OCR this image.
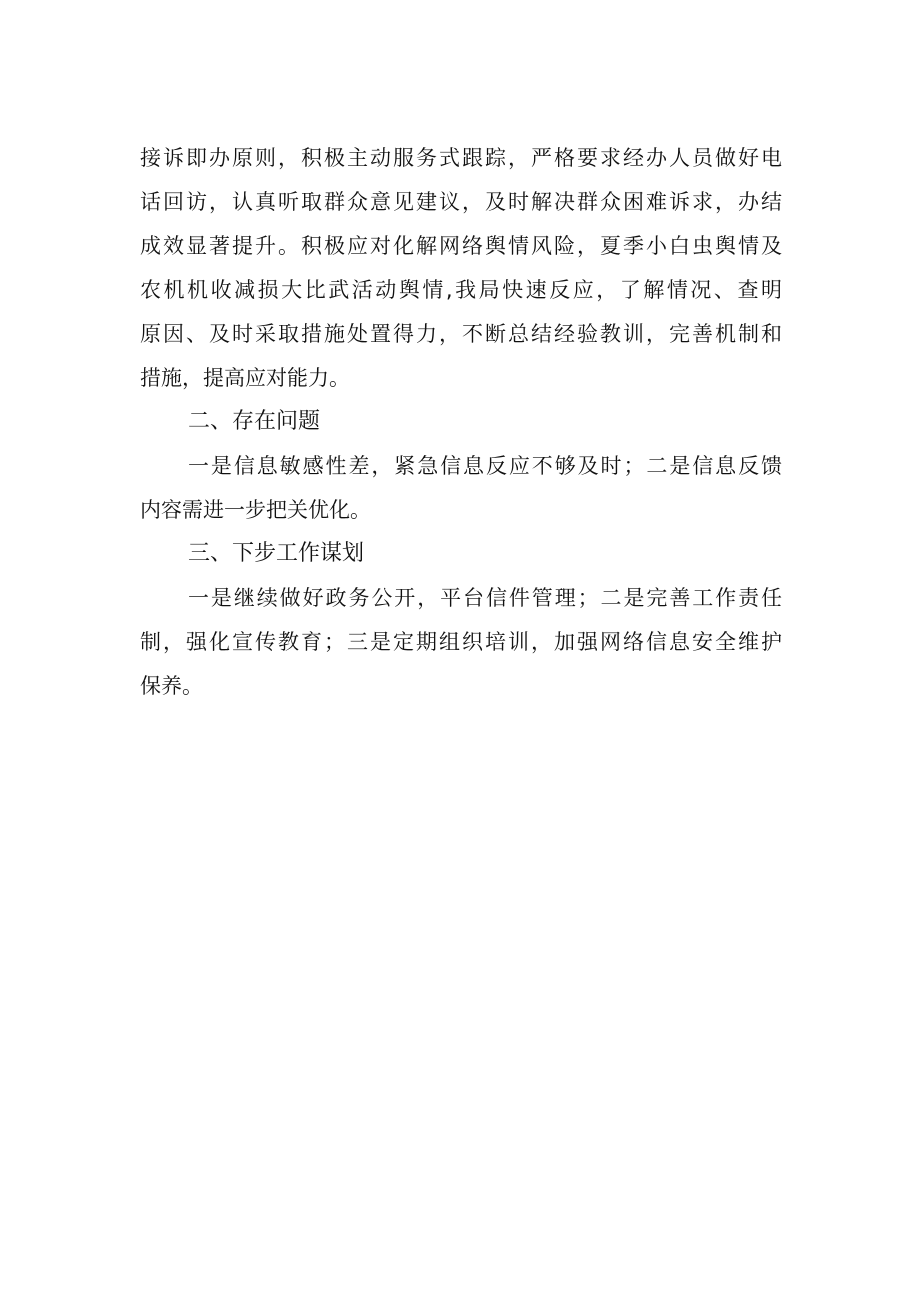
接诉即办原则，积极主动服务式跟踪，严格要求经办人员做好电
话回访，认真听取群众意见建议，及时解决群众困难诉求，办结
成效显著提升。积极应对化解网络舆情风险，夏季小白虫舆情及
农机机收减损大比武活动舆情,我局快速反应，了解情况、查明
原因、及时采取措施处置得力，不断总结经验教训，完善机制和
措施，提高应对能力。
二、存在问题
一是信息敏感性差，紧急信息反应不够及时；二是信息反馈
内容需进一步把关优化。
三、下步工作谋划
一是继续做好政务公开，平台信件管理；二是完善工作责任
制，强化宣传教育；三是定期组织培训，加强网络信息安全维护
保养。
